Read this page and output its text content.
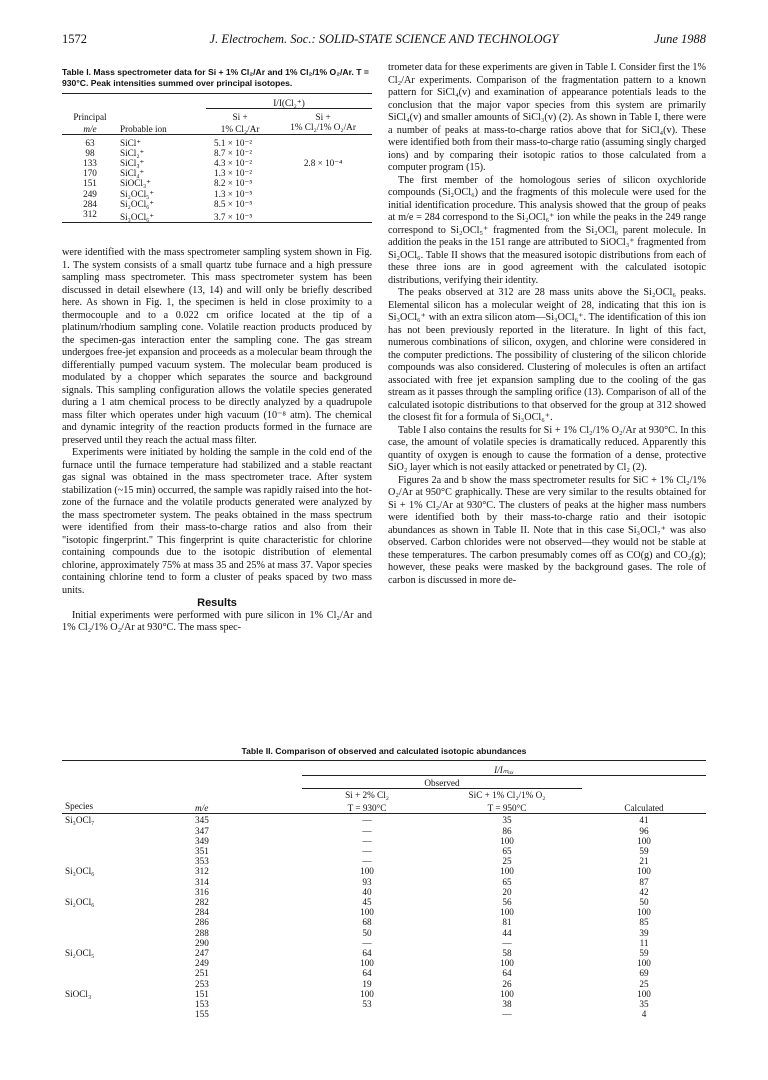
1572	J. Electrochem. Soc.: SOLID-STATE SCIENCE AND TECHNOLOGY	June 1988
Table I. Mass spectrometer data for Si + 1% Cl₂/Ar and 1% Cl₂/1% O₂/Ar. T = 930°C. Peak intensities summed over principal isotopes.
			I/I(Cl₂⁺)	

Principal			Si +	Si +
m/e	Probable ion		1% Cl₂/Ar	1% Cl₂/1% O₂/Ar

63	SiCl⁺		5.1 × 10⁻²	
98	SiCl₂⁺		8.7 × 10⁻²	
133	SiCl₃⁺		4.3 × 10⁻²	2.8 × 10⁻⁴
170	SiCl₄⁺		1.3 × 10⁻²	
151	SiOCl₃⁺		8.2 × 10⁻⁵	
249	Si₂OCl₅⁺		1.3 × 10⁻⁵	
284	Si₂OCl₆⁺		8.5 × 10⁻⁵	
312	Si₃OCl₆⁺		3.7 × 10⁻⁵	

were identified with the mass spectrometer sampling system shown in Fig. 1. The system consists of a small quartz tube furnace and a high pressure sampling mass spectrometer. This mass spectrometer system has been discussed in detail elsewhere (13, 14) and will only be briefly described here. As shown in Fig. 1, the specimen is held in close proximity to a thermocouple and to a 0.022 cm orifice located at the tip of a platinum/rhodium sampling cone. Volatile reaction products produced by the specimen-gas interaction enter the sampling cone. The gas stream undergoes free-jet expansion and proceeds as a molecular beam through the differentially pumped vacuum system. The molecular beam produced is modulated by a chopper which separates the source and background signals. This sampling configuration allows the volatile species generated during a 1 atm chemical process to be directly analyzed by a quadrupole mass filter which operates under high vacuum (10⁻⁸ atm). The chemical and dynamic integrity of the reaction products formed in the furnace are preserved until they reach the actual mass filter.

Experiments were initiated by holding the sample in the cold end of the furnace until the furnace temperature had stabilized and a stable reactant gas signal was obtained in the mass spectrometer trace. After system stabilization (~15 min) occurred, the sample was rapidly raised into the hot-zone of the furnace and the volatile products generated were analyzed by the mass spectrometer system. The peaks obtained in the mass spectrum were identified from their mass-to-charge ratios and also from their "isotopic fingerprint." This fingerprint is quite characteristic for chlorine containing compounds due to the isotopic distribution of elemental chlorine, approximately 75% at mass 35 and 25% at mass 37. Vapor species containing chlorine tend to form a cluster of peaks spaced by two mass units.

Results

Initial experiments were performed with pure silicon in 1% Cl₂/Ar and 1% Cl₂/1% O₂/Ar at 930°C. The mass spec-

trometer data for these experiments are given in Table I. Consider first the 1% Cl₂/Ar experiments. Comparison of the fragmentation pattern to a known pattern for SiCl₄(v) and examination of appearance potentials leads to the conclusion that the major vapor species from this system are primarily SiCl₄(v) and smaller amounts of SiCl₃(v) (2). As shown in Table I, there were a number of peaks at mass-to-charge ratios above that for SiCl₄(v). These were identified both from their mass-to-charge ratio (assuming singly charged ions) and by comparing their isotopic ratios to those calculated from a computer program (15).

The first member of the homologous series of silicon oxychloride compounds (Si₂OCl₆) and the fragments of this molecule were used for the initial identification procedure. This analysis showed that the group of peaks at m/e = 284 correspond to the Si₂OCl₆⁺ ion while the peaks in the 249 range correspond to Si₂OCl₅⁺ fragmented from the Si₂OCl₆ parent molecule. In addition the peaks in the 151 range are attributed to SiOCl₃⁺ fragmented from Si₂OCl₆. Table II shows that the measured isotopic distributions from each of these three ions are in good agreement with the calculated isotopic distributions, verifying their identity.

The peaks observed at 312 are 28 mass units above the Si₂OCl₆ peaks. Elemental silicon has a molecular weight of 28, indicating that this ion is Si₃OCl₆⁺ with an extra silicon atom—Si₃OCl₆⁺. The identification of this ion has not been previously reported in the literature. In light of this fact, numerous combinations of silicon, oxygen, and chlorine were considered in the computer predictions. The possibility of clustering of the silicon chloride compounds was also considered. Clustering of molecules is often an artifact associated with free jet expansion sampling due to the cooling of the gas stream as it passes through the sampling orifice (13). Comparison of all of the calculated isotopic distributions to that observed for the group at 312 showed the closest fit for a formula of Si₃OCl₆⁺.

Table I also contains the results for Si + 1% Cl₂/1% O₂/Ar at 930°C. In this case, the amount of volatile species is dramatically reduced. Apparently this quantity of oxygen is enough to cause the formation of a dense, protective SiO₂ layer which is not easily attacked or penetrated by Cl₂ (2).

Figures 2a and b show the mass spectrometer results for SiC + 1% Cl₂/1% O₂/Ar at 950°C graphically. These are very similar to the results obtained for Si + 1% Cl₂/Ar at 930°C. The clusters of peaks at the higher mass numbers were identified both by their mass-to-charge ratio and their isotopic abundances as shown in Table II. Note that in this case Si₃OCl₇⁺ was also observed. Carbon chlorides were not observed—they would not be stable at these temperatures. The carbon presumably comes off as CO(g) and CO₂(g); however, these peaks were masked by the background gases. The role of carbon is discussed in more de-

Table II. Comparison of observed and calculated isotopic abundances
		I/Iₘₐₓ		

		Observed		

		Si + 2% Cl₂	SiC + 1% Cl₂/1% O₂	
Species	m/e	T = 930°C	T = 950°C	Calculated

Si₃OCl₇	345	—	35	41
	347	—	86	96
	349	—	100	100
	351	—	65	59
	353	—	25	21
Si₃OCl₆	312	100	100	100
	314	93	65	87
	316	40	20	42
Si₂OCl₆	282	45	56	50
	284	100	100	100
	286	68	81	85
	288	50	44	39
	290	—	—	11
Si₂OCl₅	247	64	58	59
	249	100	100	100
	251	64	64	69
	253	19	26	25
SiOCl₃	151	100	100	100
	153	53	38	35
	155		—	4
